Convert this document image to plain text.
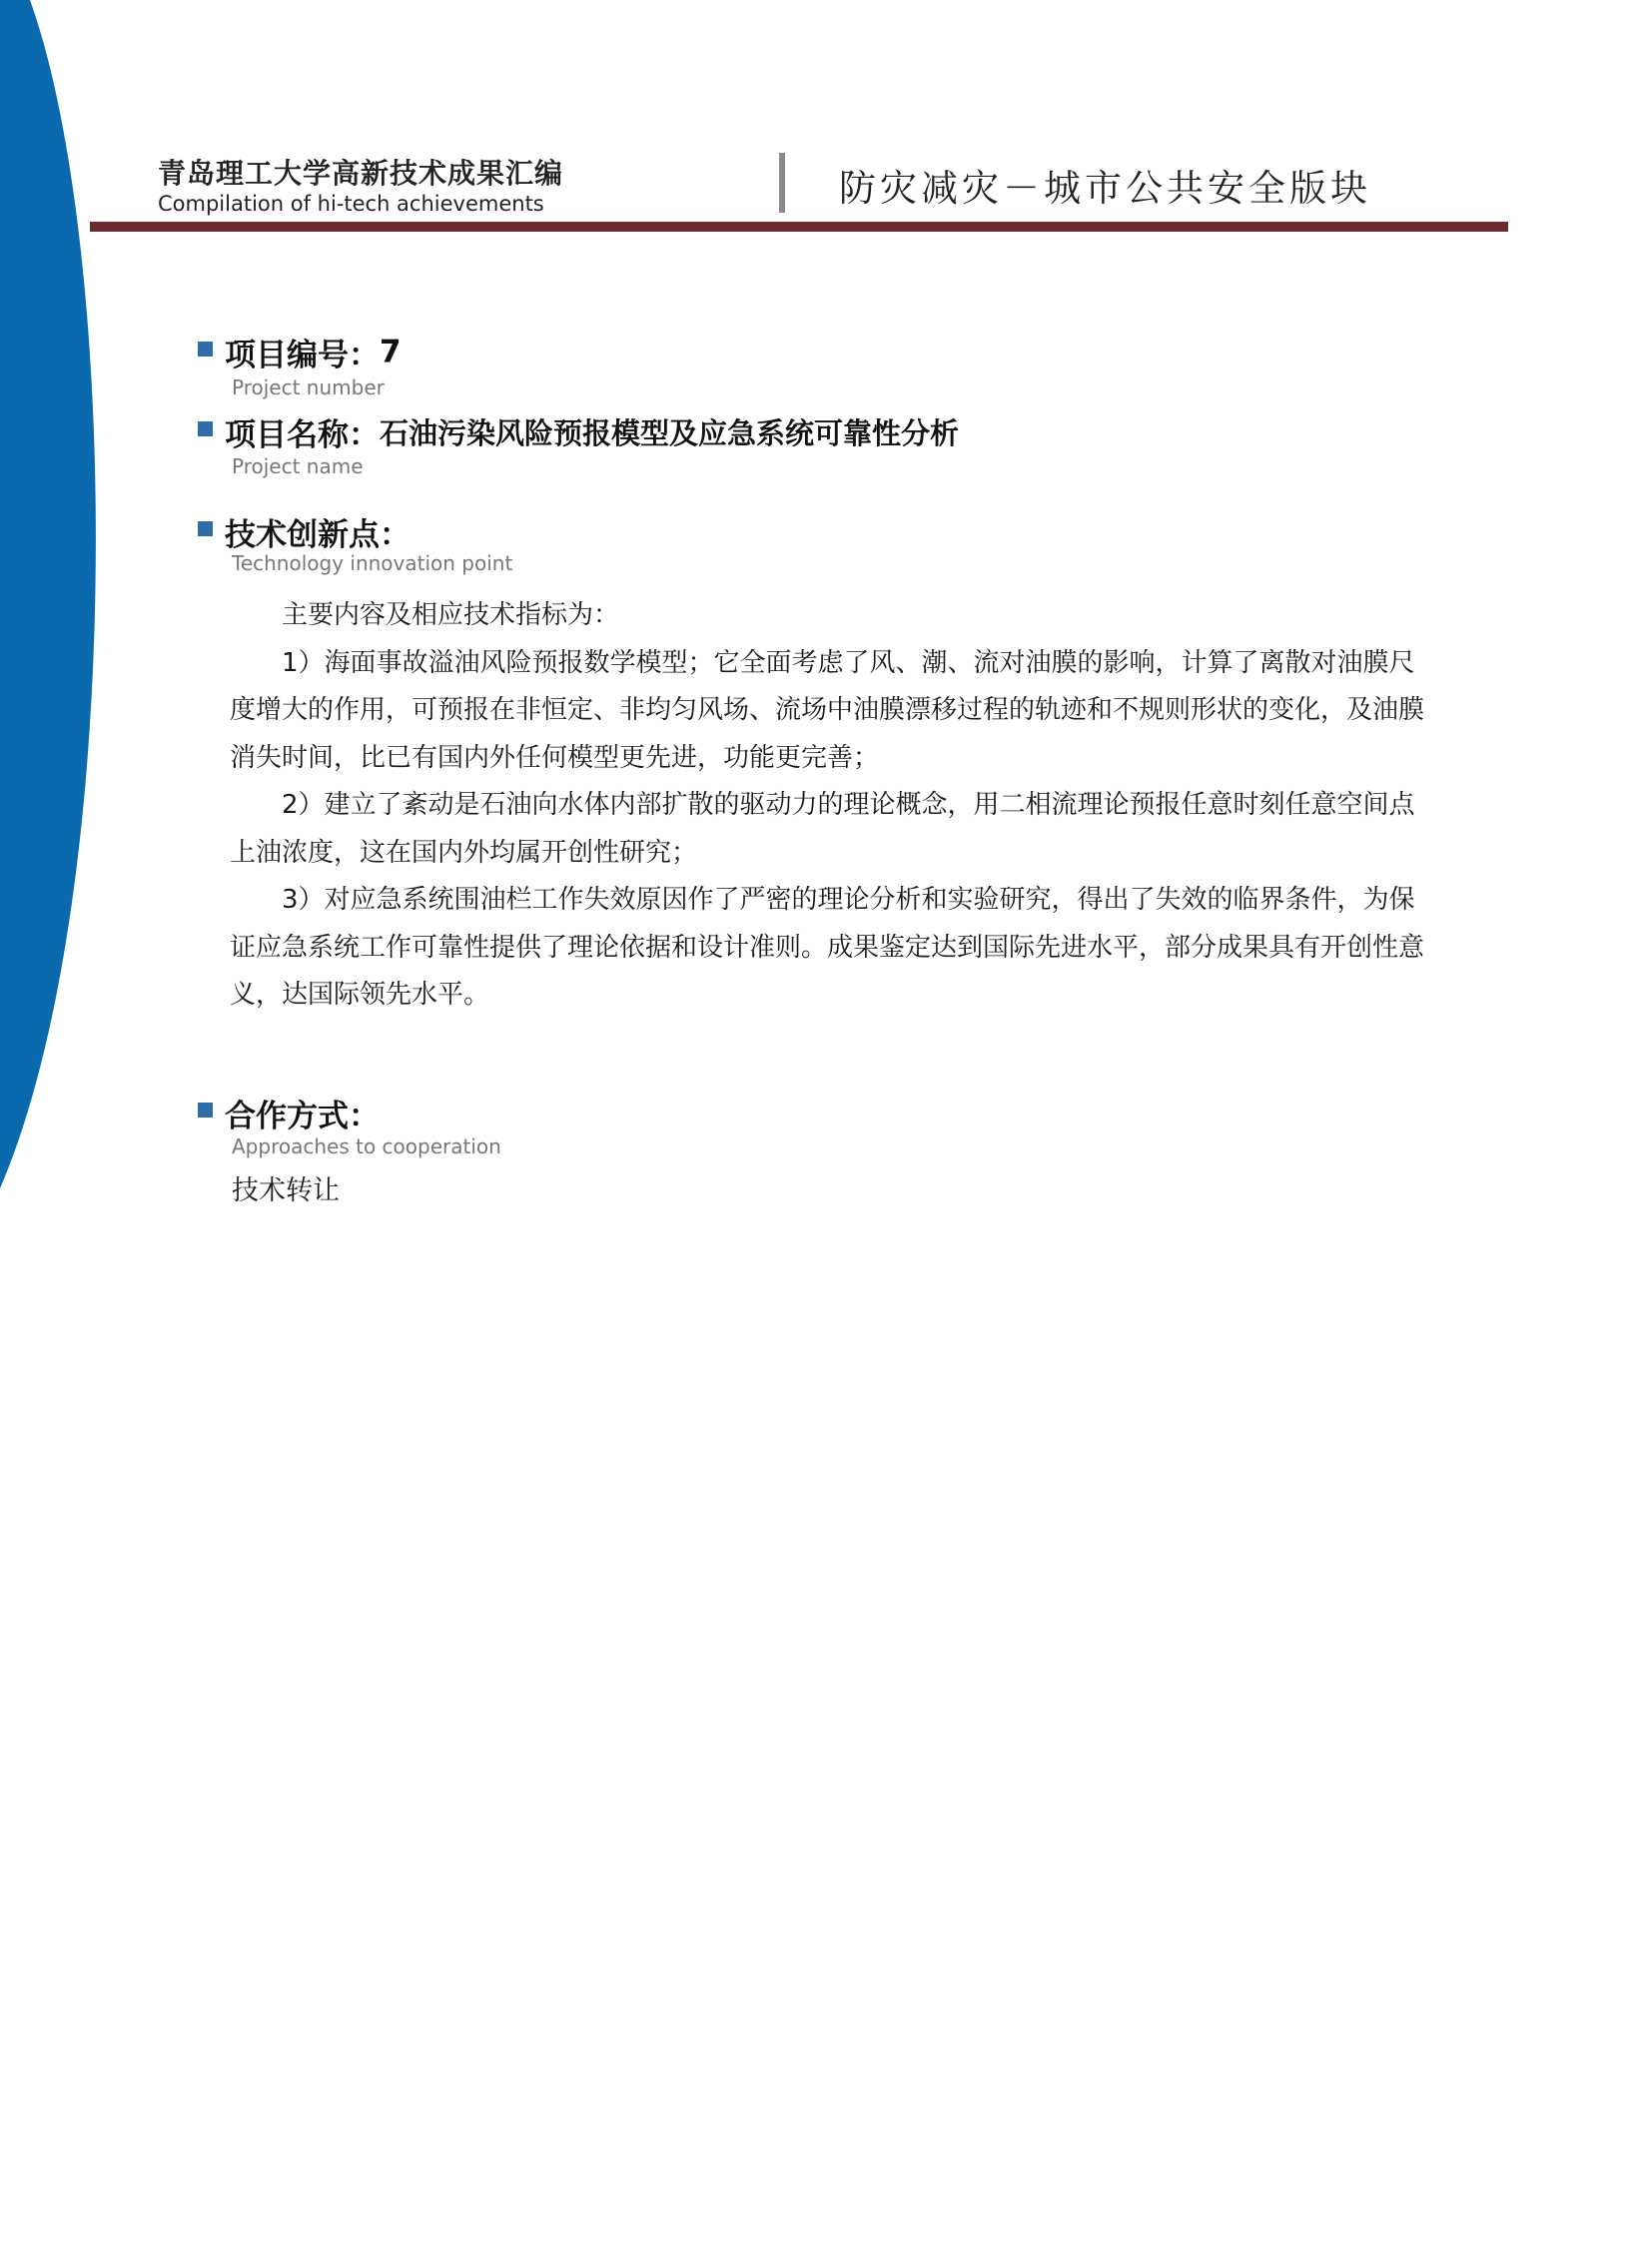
青岛理工大学高新技术成果汇编
Compilation of hi-tech achievements	防灾减灾－城市公共安全版块
项目编号：7
Project number
项目名称：石油污染风险预报模型及应急系统可靠性分析
Project name
技术创新点：
Technology innovation point

主要内容及相应技术指标为：

1）海面事故溢油风险预报数学模型；它全面考虑了风、潮、流对油膜的影响，计算了离散对油膜尺度增大的作用，可预报在非恒定、非均匀风场、流场中油膜漂移过程的轨迹和不规则形状的变化，及油膜消失时间，比已有国内外任何模型更先进，功能更完善；

2）建立了紊动是石油向水体内部扩散的驱动力的理论概念，用二相流理论预报任意时刻任意空间点上油浓度，这在国内外均属开创性研究；

3）对应急系统围油栏工作失效原因作了严密的理论分析和实验研究，得出了失效的临界条件，为保证应急系统工作可靠性提供了理论依据和设计准则。成果鉴定达到国际先进水平，部分成果具有开创性意义，达国际领先水平。

合作方式：
Approaches to cooperation
技术转让
